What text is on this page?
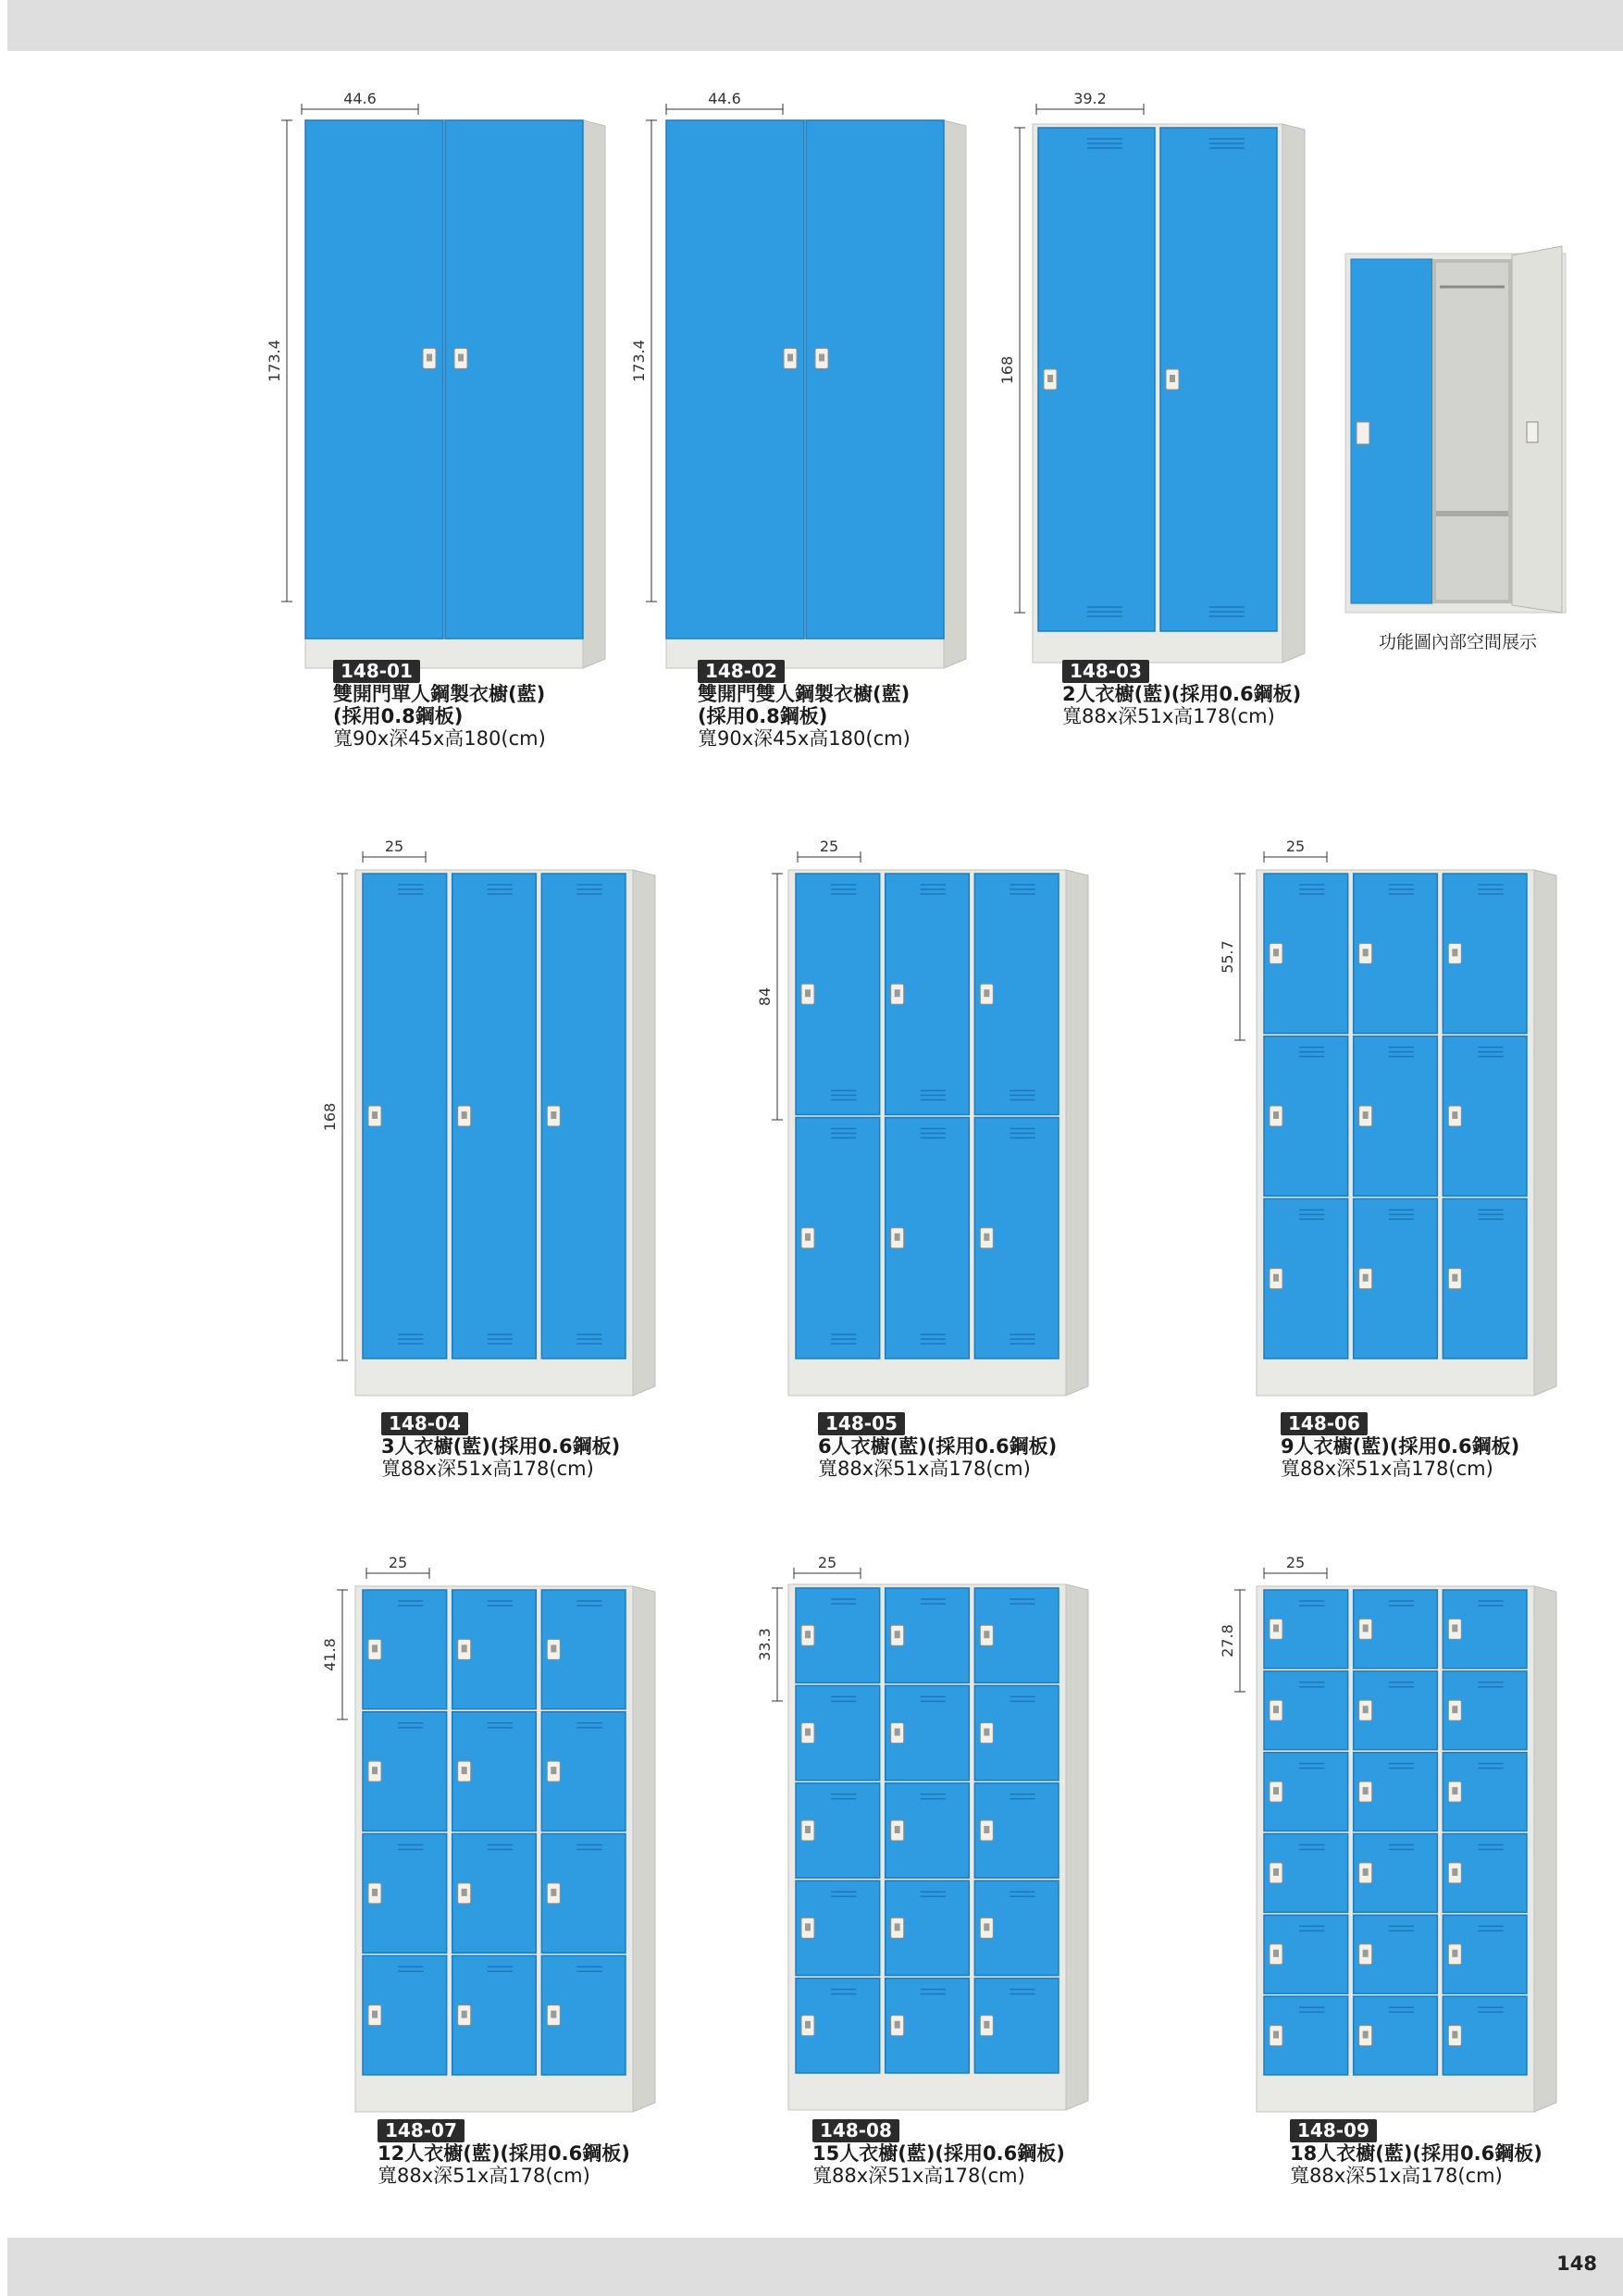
44.6
173.4
44.6
173.4
39.2
168
25
168
25
84
25
55.7
25
41.8
25
33.3
25
27.8
功能圖內部空間展示
148-01
雙開門單人鋼製衣櫥(藍)
(採用0.8鋼板)
寬90x深45x高180(cm)
148-02
雙開門雙人鋼製衣櫥(藍)
(採用0.8鋼板)
寬90x深45x高180(cm)
148-03
2人衣櫥(藍)(採用0.6鋼板)
寬88x深51x高178(cm)
148-04
3人衣櫥(藍)(採用0.6鋼板)
寬88x深51x高178(cm)
148-05
6人衣櫥(藍)(採用0.6鋼板)
寬88x深51x高178(cm)
148-06
9人衣櫥(藍)(採用0.6鋼板)
寬88x深51x高178(cm)
148-07
12人衣櫥(藍)(採用0.6鋼板)
寬88x深51x高178(cm)
148-08
15人衣櫥(藍)(採用0.6鋼板)
寬88x深51x高178(cm)
148-09
18人衣櫥(藍)(採用0.6鋼板)
寬88x深51x高178(cm)
148
